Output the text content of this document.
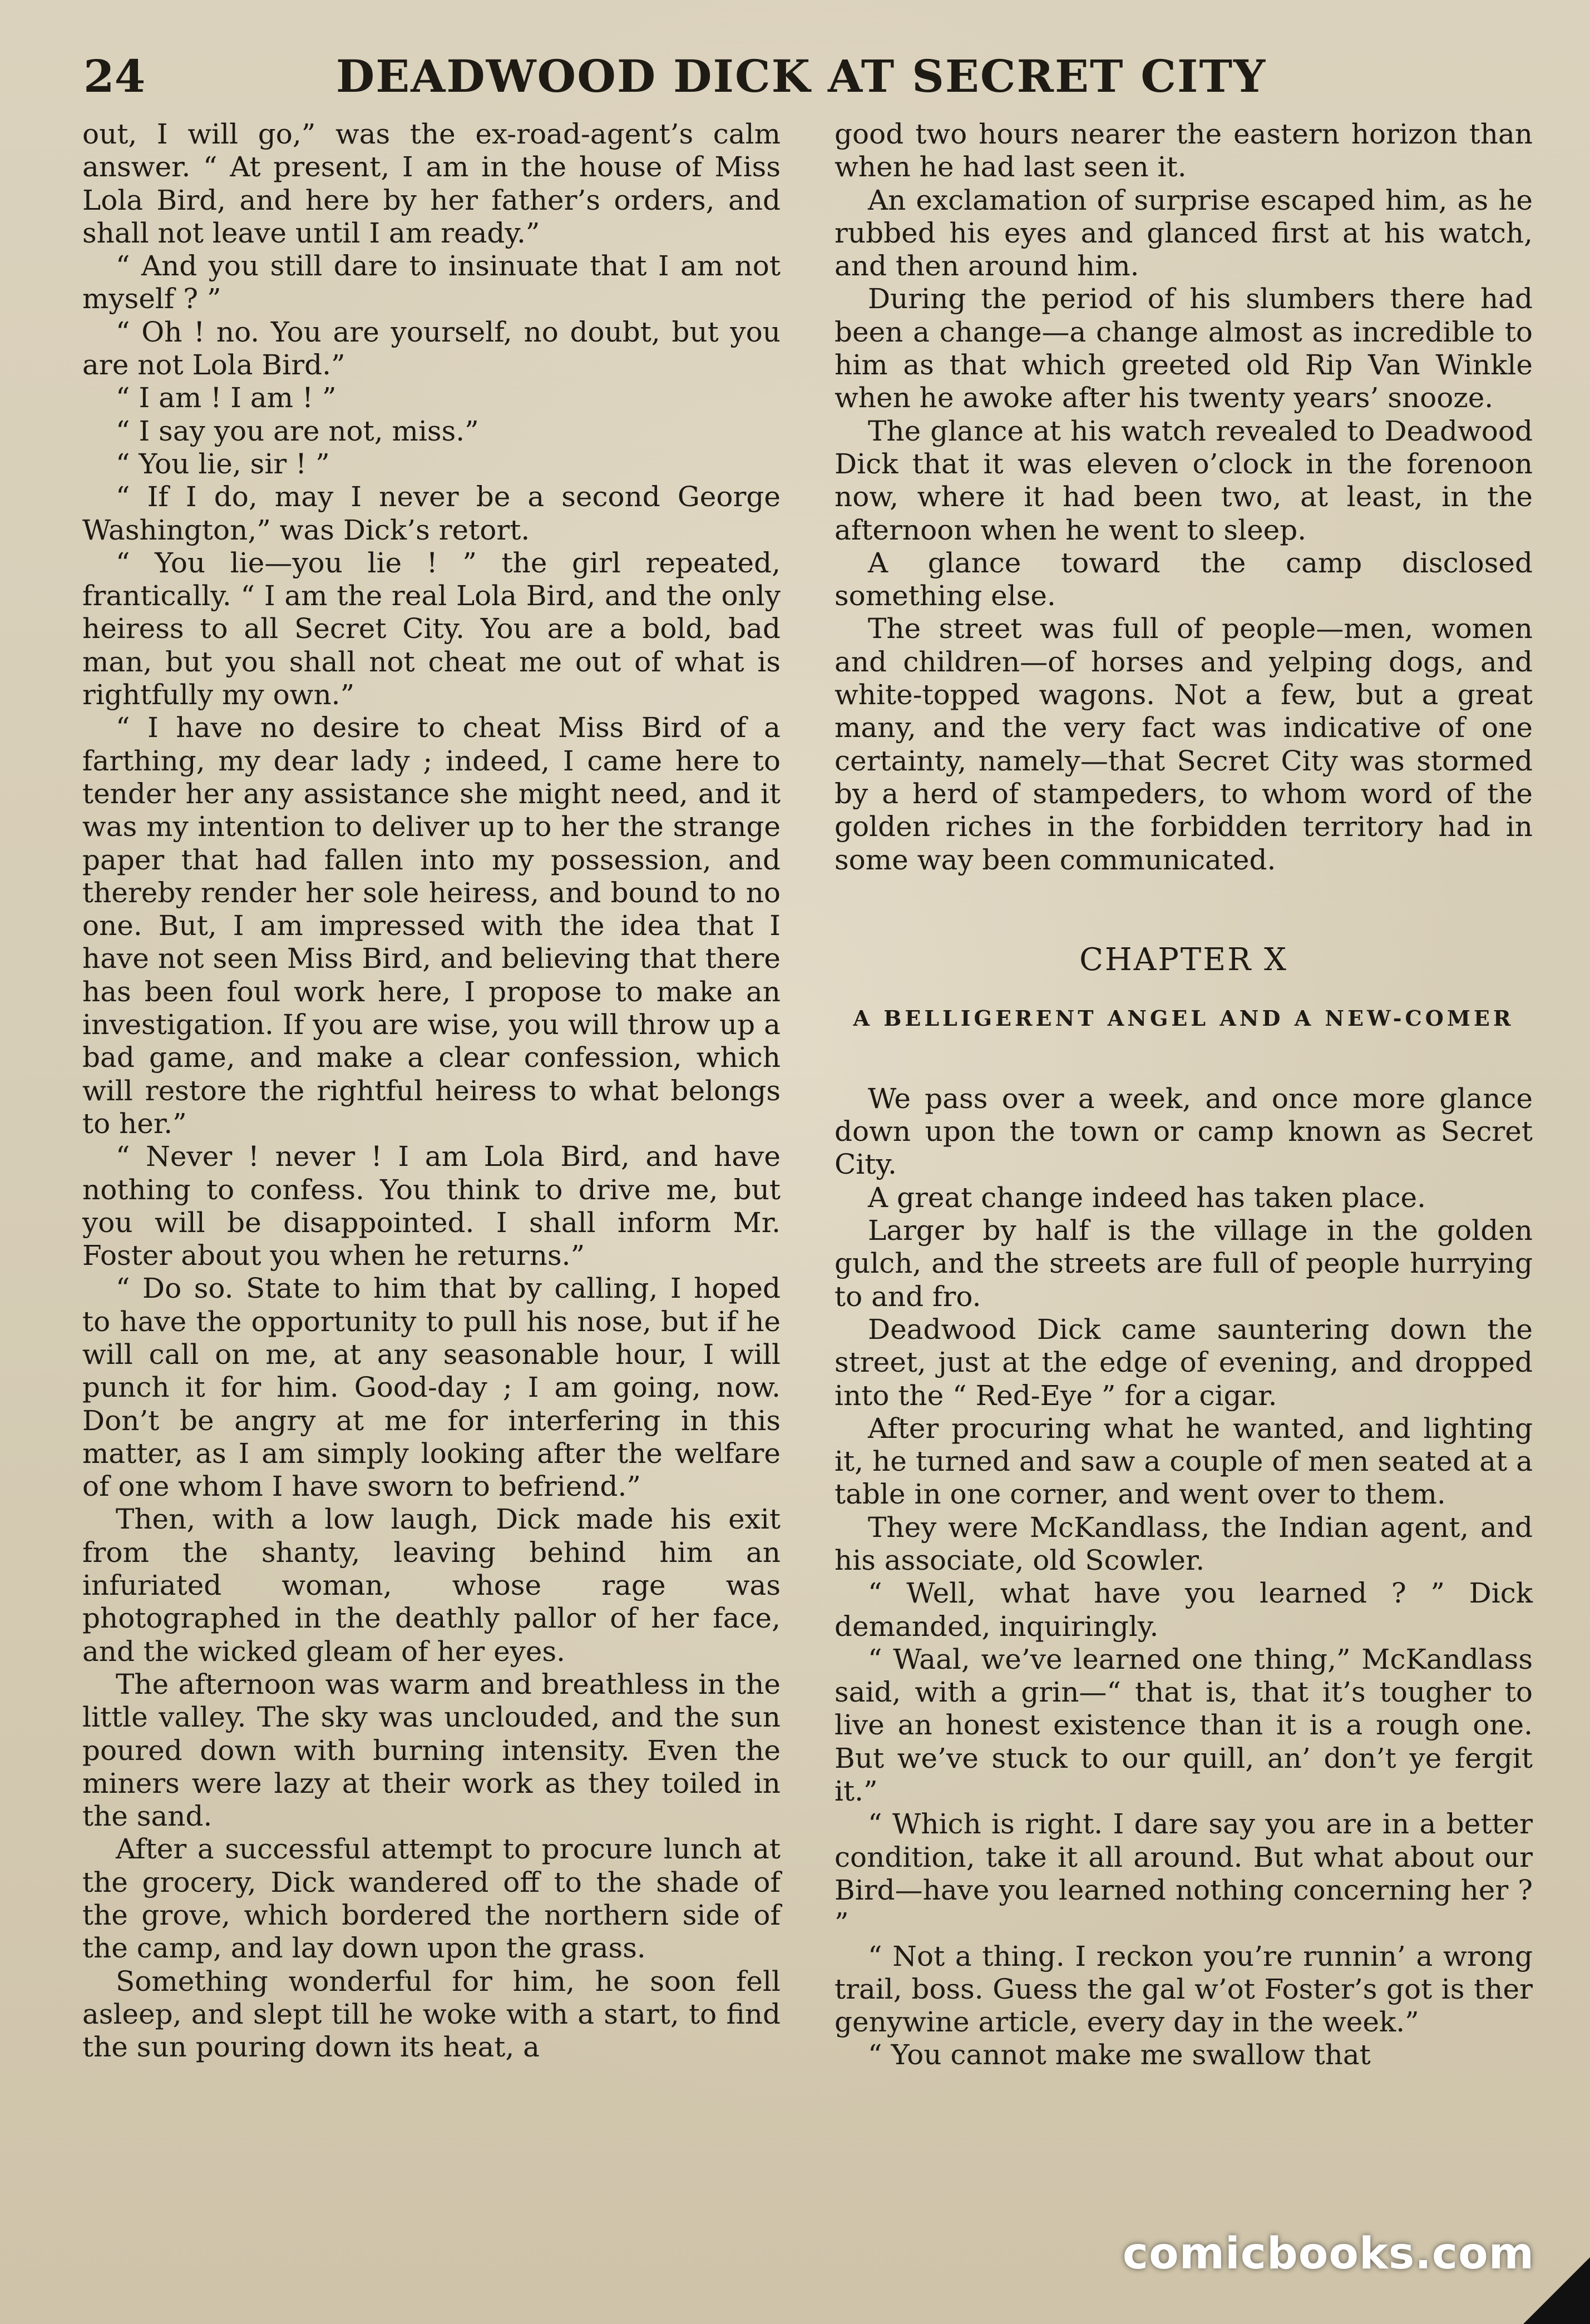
24	DEADWOOD DICK AT SECRET CITY

out, I will go,” was the ex-road-agent’s calm answer. “ At present, I am in the house of Miss Lola Bird, and here by her father’s orders, and shall not leave until I am ready.”

“ And you still dare to insinuate that I am not myself ? ”

“ Oh ! no. You are yourself, no doubt, but you are not Lola Bird.”

“ I am ! I am ! ”

“ I say you are not, miss.”

“ You lie, sir ! ”

“ If I do, may I never be a second George Washington,” was Dick’s retort.

“ You lie—you lie ! ” the girl repeated, frantically. “ I am the real Lola Bird, and the only heiress to all Secret City. You are a bold, bad man, but you shall not cheat me out of what is rightfully my own.”

“ I have no desire to cheat Miss Bird of a farthing, my dear lady ; indeed, I came here to tender her any assistance she might need, and it was my intention to deliver up to her the strange paper that had fallen into my possession, and thereby render her sole heiress, and bound to no one. But, I am impressed with the idea that I have not seen Miss Bird, and believing that there has been foul work here, I propose to make an investigation. If you are wise, you will throw up a bad game, and make a clear confession, which will restore the rightful heiress to what belongs to her.”

“ Never ! never ! I am Lola Bird, and have nothing to confess. You think to drive me, but you will be disappointed. I shall inform Mr. Foster about you when he returns.”

“ Do so. State to him that by calling, I hoped to have the opportunity to pull his nose, but if he will call on me, at any seasonable hour, I will punch it for him. Good-day ; I am going, now. Don’t be angry at me for interfering in this matter, as I am simply looking after the welfare of one whom I have sworn to befriend.”

Then, with a low laugh, Dick made his exit from the shanty, leaving behind him an infuriated woman, whose rage was photographed in the deathly pallor of her face, and the wicked gleam of her eyes.

The afternoon was warm and breathless in the little valley. The sky was unclouded, and the sun poured down with burning intensity. Even the miners were lazy at their work as they toiled in the sand.

After a successful attempt to procure lunch at the grocery, Dick wandered off to the shade of the grove, which bordered the northern side of the camp, and lay down upon the grass.

Something wonderful for him, he soon fell asleep, and slept till he woke with a start, to find the sun pouring down its heat, a

good two hours nearer the eastern horizon than when he had last seen it.

An exclamation of surprise escaped him, as he rubbed his eyes and glanced first at his watch, and then around him.

During the period of his slumbers there had been a change—a change almost as incredible to him as that which greeted old Rip Van Winkle when he awoke after his twenty years’ snooze.

The glance at his watch revealed to Deadwood Dick that it was eleven o’clock in the forenoon now, where it had been two, at least, in the afternoon when he went to sleep.

A glance toward the camp disclosed something else.

The street was full of people—men, women and children—of horses and yelping dogs, and white-topped wagons. Not a few, but a great many, and the very fact was indicative of one certainty, namely—that Secret City was stormed by a herd of stampeders, to whom word of the golden riches in the forbidden territory had in some way been communicated.

CHAPTER X
A BELLIGERENT ANGEL AND A NEW-COMER

We pass over a week, and once more glance down upon the town or camp known as Secret City.

A great change indeed has taken place.

Larger by half is the village in the golden gulch, and the streets are full of people hurrying to and fro.

Deadwood Dick came sauntering down the street, just at the edge of evening, and dropped into the “ Red-Eye ” for a cigar.

After procuring what he wanted, and lighting it, he turned and saw a couple of men seated at a table in one corner, and went over to them.

They were McKandlass, the Indian agent, and his associate, old Scowler.

“ Well, what have you learned ? ” Dick demanded, inquiringly.

“ Waal, we’ve learned one thing,” McKandlass said, with a grin—“ that is, that it’s tougher to live an honest existence than it is a rough one. But we’ve stuck to our quill, an’ don’t ye fergit it.”

“ Which is right. I dare say you are in a better condition, take it all around. But what about our Bird—have you learned nothing concerning her ? ”

“ Not a thing. I reckon you’re runnin’ a wrong trail, boss. Guess the gal w’ot Foster’s got is ther genywine article, every day in the week.”

“ You cannot make me swallow that

comicbooks.com
